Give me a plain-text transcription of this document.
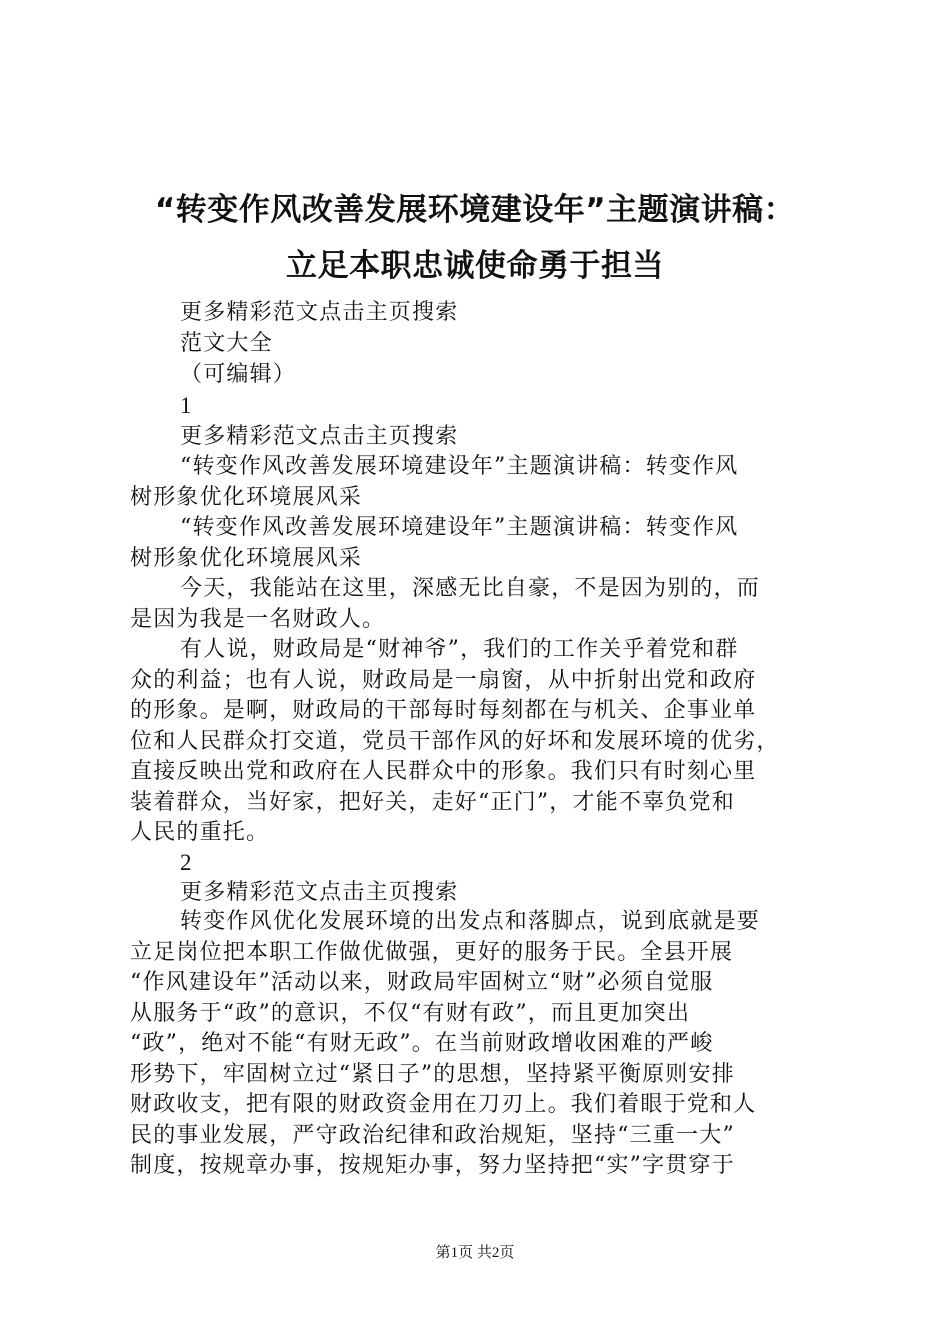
“转变作风改善发展环境建设年”主题演讲稿：
立足本职忠诚使命勇于担当
更多精彩范文点击主页搜索
范文大全
（可编辑）
1
更多精彩范文点击主页搜索
“转变作风改善发展环境建设年”主题演讲稿：转变作风
树形象优化环境展风采
“转变作风改善发展环境建设年”主题演讲稿：转变作风
树形象优化环境展风采
今天，我能站在这里，深感无比自豪，不是因为别的，而
是因为我是一名财政人。
有人说，财政局是“财神爷”，我们的工作关乎着党和群
众的利益；也有人说，财政局是一扇窗，从中折射出党和政府
的形象。是啊，财政局的干部每时每刻都在与机关、企事业单
位和人民群众打交道，党员干部作风的好坏和发展环境的优劣，
直接反映出党和政府在人民群众中的形象。我们只有时刻心里
装着群众，当好家，把好关，走好“正门”，才能不辜负党和
人民的重托。
2
更多精彩范文点击主页搜索
转变作风优化发展环境的出发点和落脚点，说到底就是要
立足岗位把本职工作做优做强，更好的服务于民。全县开展
“作风建设年”活动以来，财政局牢固树立“财”必须自觉服
从服务于“政”的意识，不仅“有财有政”，而且更加突出
“政”，绝对不能“有财无政”。在当前财政增收困难的严峻
形势下，牢固树立过“紧日子”的思想，坚持紧平衡原则安排
财政收支，把有限的财政资金用在刀刃上。我们着眼于党和人
民的事业发展，严守政治纪律和政治规矩，坚持“三重一大”
制度，按规章办事，按规矩办事，努力坚持把“实”字贯穿于
第1页 共2页
